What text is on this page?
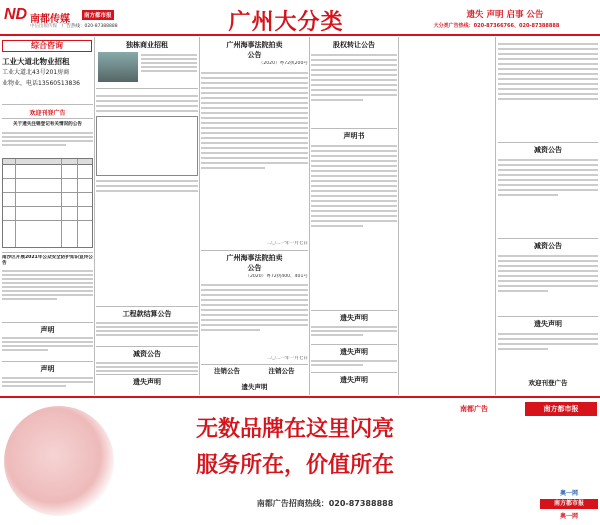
ND 南都传媒	南方都市报
中信出版传媒 广告热线：020-87388888	广州大分类	遗失 声明 启事 公告
大分类广告热线：020-87366766、020-87388888
综合咨询
工业大道北物业招租
工业大道北43号201房商
业物业，电话13560513836
欢迎刊登广告
关于遗失注销登记有关情况的公告
南沙区开展2021年公众安全防护知识宣传公告
声明
声明
独栋商业招租
工程款结算公告
减资公告
遗失声明
广州海事法院拍卖
公告
（2020）粤72执200号
二〇二一年一月七日
广州海事法院拍卖
公告
（2020）粤72执400、401号
二〇二一年一月七日
注销公告	注销公告
遗失声明
股权转让公告
声明书
遗失声明
遗失声明
遗失声明
减资公告
减资公告
遗失声明
欢迎刊登广告
无数品牌在这里闪亮
服务所在，价值所在
南都广告招商热线：020-87388888
南都广告	南方都市报
奥一网
南方都市报
奥一网
